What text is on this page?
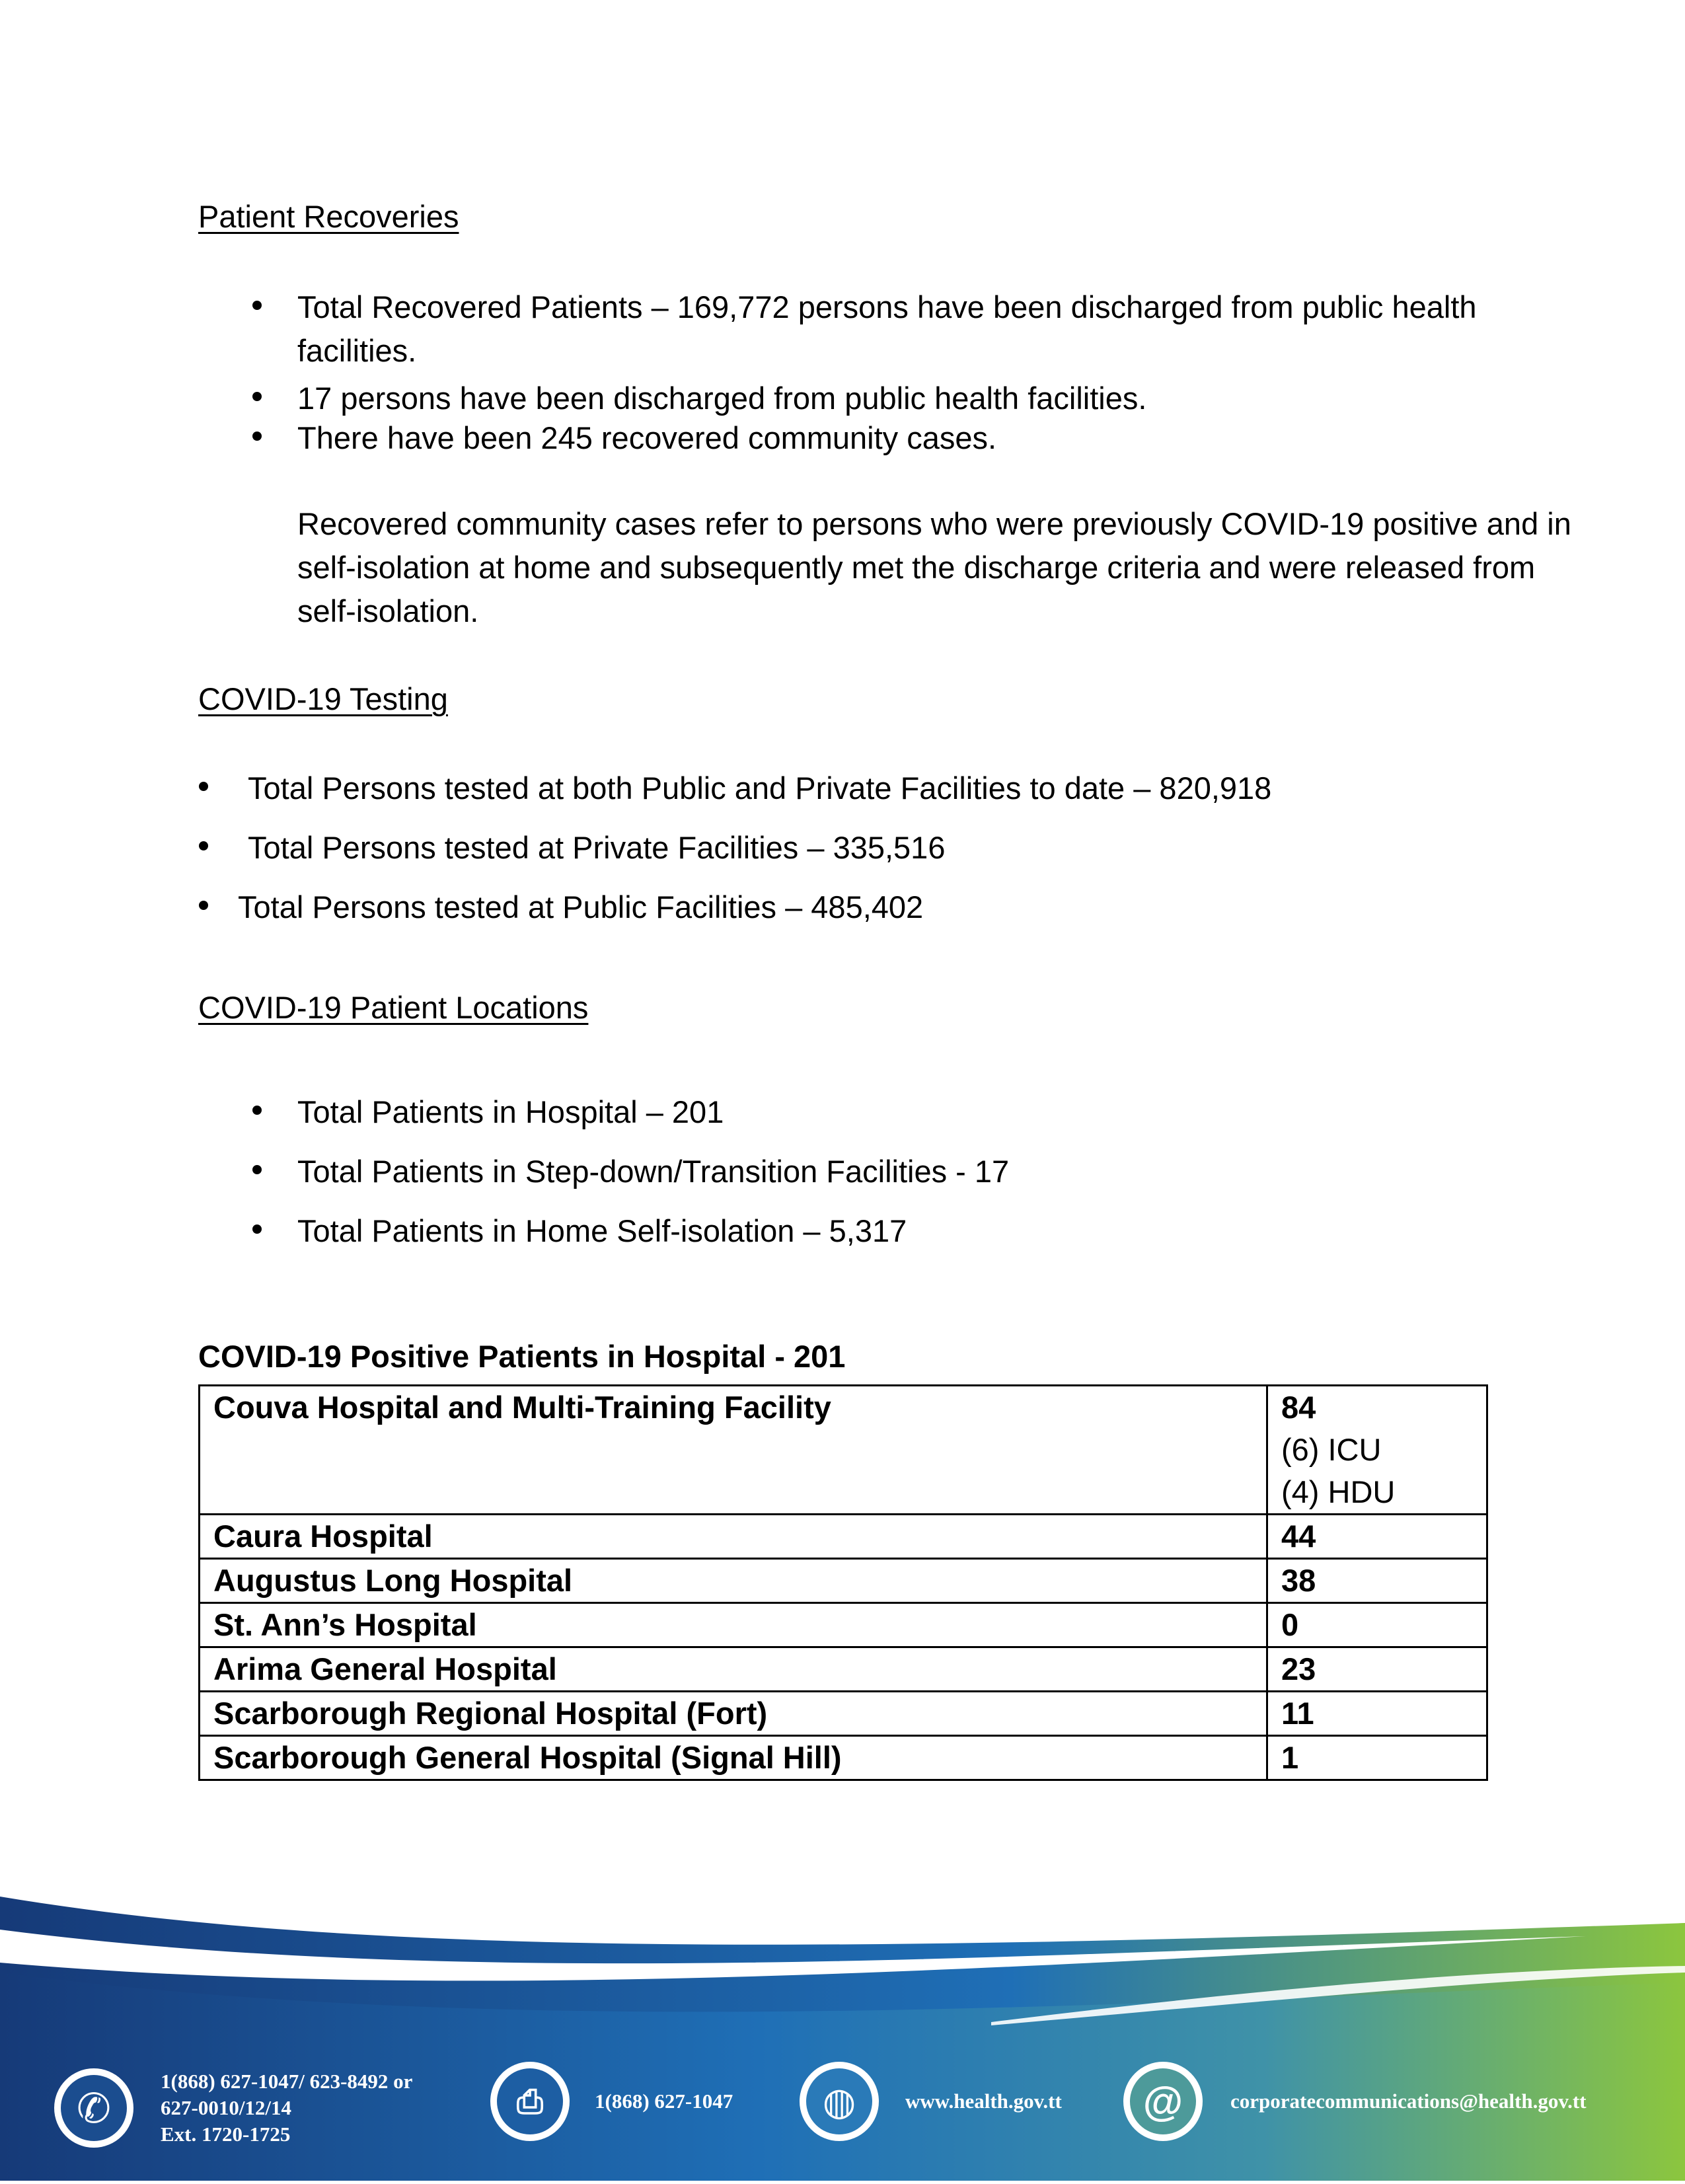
Patient Recoveries
Total Recovered Patients – 169,772 persons have been discharged from public health facilities.
17 persons have been discharged from public health facilities.
There have been 245 recovered community cases.
Recovered community cases refer to persons who were previously COVID-19 positive and in self-isolation at home and subsequently met the discharge criteria and were released from self-isolation.
COVID-19 Testing
Total Persons tested at both Public and Private Facilities to date – 820,918
Total Persons tested at Private Facilities – 335,516
Total Persons tested at Public Facilities – 485,402
COVID-19 Patient Locations
Total Patients in Hospital – 201
Total Patients in Step-down/Transition Facilities - 17
Total Patients in Home Self-isolation – 5,317
COVID-19 Positive Patients in Hospital - 201
Couva Hospital and Multi-Training Facility	84
(6) ICU
(4) HDU

Caura Hospital	44
Augustus Long Hospital	38
St. Ann’s Hospital	0
Arima General Hospital	23
Scarborough Regional Hospital (Fort)	11
Scarborough General Hospital (Signal Hill)	1
✆
1(868) 627-1047/ 623-8492 or
627-0010/12/14
Ext. 1720-1725
⎙	1(868) 627-1047	◍	www.health.gov.tt	@	corporatecommunications@health.gov.tt
